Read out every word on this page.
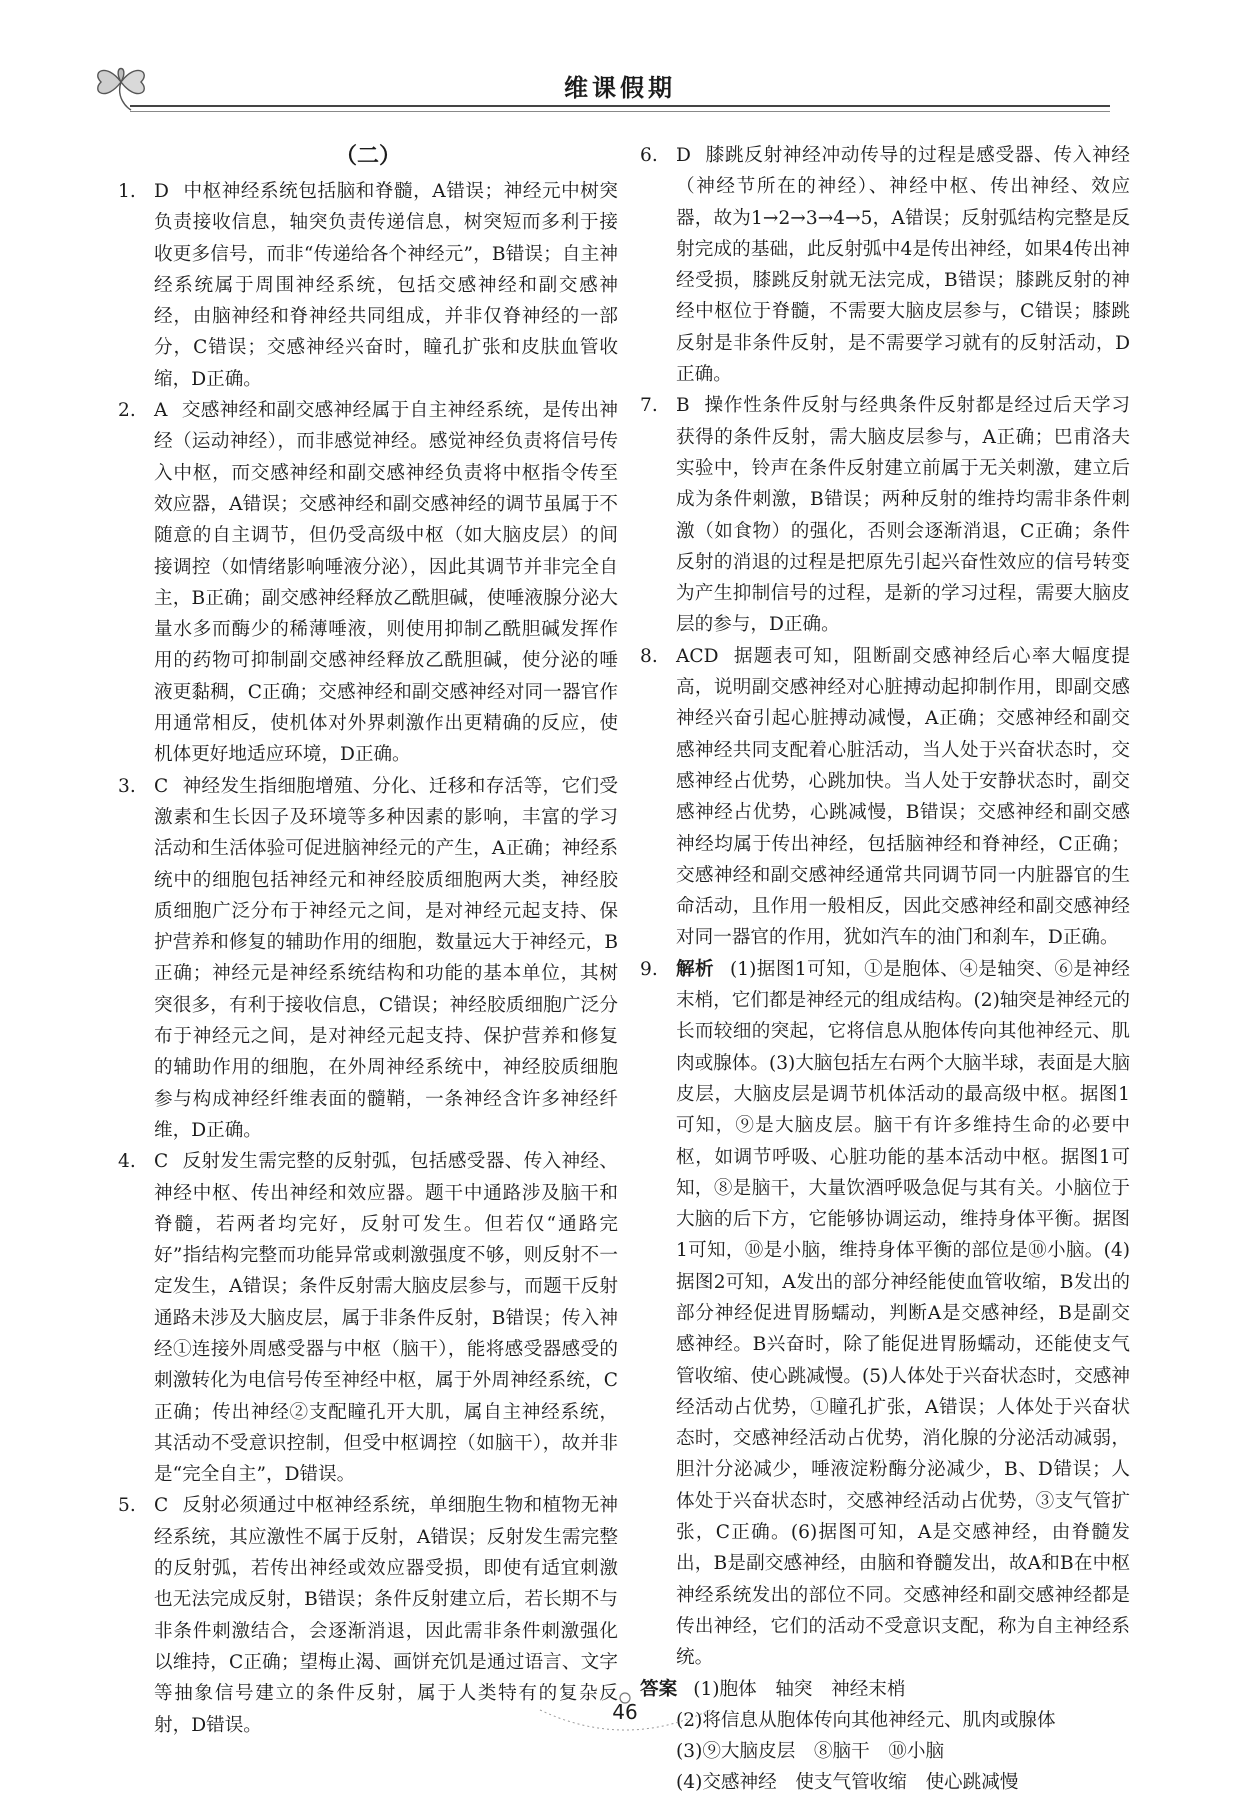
维课假期
（二）
1. D 中枢神经系统包括脑和脊髓，A错误；神经元中树突负责接收信息，轴突负责传递信息，树突短而多利于接收更多信号，而非“传递给各个神经元”，B错误；自主神经系统属于周围神经系统，包括交感神经和副交感神经，由脑神经和脊神经共同组成，并非仅脊神经的一部分，C错误；交感神经兴奋时，瞳孔扩张和皮肤血管收缩，D正确。
2. A 交感神经和副交感神经属于自主神经系统，是传出神经（运动神经），而非感觉神经。感觉神经负责将信号传入中枢，而交感神经和副交感神经负责将中枢指令传至效应器，A错误；交感神经和副交感神经的调节虽属于不随意的自主调节，但仍受高级中枢（如大脑皮层）的间接调控（如情绪影响唾液分泌），因此其调节并非完全自主，B正确；副交感神经释放乙酰胆碱，使唾液腺分泌大量水多而酶少的稀薄唾液，则使用抑制乙酰胆碱发挥作用的药物可抑制副交感神经释放乙酰胆碱，使分泌的唾液更黏稠，C正确；交感神经和副交感神经对同一器官作用通常相反，使机体对外界刺激作出更精确的反应，使机体更好地适应环境，D正确。
3. C 神经发生指细胞增殖、分化、迁移和存活等，它们受激素和生长因子及环境等多种因素的影响，丰富的学习活动和生活体验可促进脑神经元的产生，A正确；神经系统中的细胞包括神经元和神经胶质细胞两大类，神经胶质细胞广泛分布于神经元之间，是对神经元起支持、保护营养和修复的辅助作用的细胞，数量远大于神经元，B正确；神经元是神经系统结构和功能的基本单位，其树突很多，有利于接收信息，C错误；神经胶质细胞广泛分布于神经元之间，是对神经元起支持、保护营养和修复的辅助作用的细胞，在外周神经系统中，神经胶质细胞参与构成神经纤维表面的髓鞘，一条神经含许多神经纤维，D正确。
4. C 反射发生需完整的反射弧，包括感受器、传入神经、神经中枢、传出神经和效应器。题干中通路涉及脑干和脊髓，若两者均完好，反射可发生。但若仅“通路完好”指结构完整而功能异常或刺激强度不够，则反射不一定发生，A错误；条件反射需大脑皮层参与，而题干反射通路未涉及大脑皮层，属于非条件反射，B错误；传入神经①连接外周感受器与中枢（脑干），能将感受器感受的刺激转化为电信号传至神经中枢，属于外周神经系统，C正确；传出神经②支配瞳孔开大肌，属自主神经系统，其活动不受意识控制，但受中枢调控（如脑干），故并非是“完全自主”，D错误。
5. C 反射必须通过中枢神经系统，单细胞生物和植物无神经系统，其应激性不属于反射，A错误；反射发生需完整的反射弧，若传出神经或效应器受损，即使有适宜刺激也无法完成反射，B错误；条件反射建立后，若长期不与非条件刺激结合，会逐渐消退，因此需非条件刺激强化以维持，C正确；望梅止渴、画饼充饥是通过语言、文字等抽象信号建立的条件反射，属于人类特有的复杂反射，D错误。
6. D 膝跳反射神经冲动传导的过程是感受器、传入神经（神经节所在的神经）、神经中枢、传出神经、效应器，故为1→2→3→4→5，A错误；反射弧结构完整是反射完成的基础，此反射弧中4是传出神经，如果4传出神经受损，膝跳反射就无法完成，B错误；膝跳反射的神经中枢位于脊髓，不需要大脑皮层参与，C错误；膝跳反射是非条件反射，是不需要学习就有的反射活动，D正确。
7. B 操作性条件反射与经典条件反射都是经过后天学习获得的条件反射，需大脑皮层参与，A正确；巴甫洛夫实验中，铃声在条件反射建立前属于无关刺激，建立后成为条件刺激，B错误；两种反射的维持均需非条件刺激（如食物）的强化，否则会逐渐消退，C正确；条件反射的消退的过程是把原先引起兴奋性效应的信号转变为产生抑制信号的过程，是新的学习过程，需要大脑皮层的参与，D正确。
8. ACD 据题表可知，阻断副交感神经后心率大幅度提高，说明副交感神经对心脏搏动起抑制作用，即副交感神经兴奋引起心脏搏动减慢，A正确；交感神经和副交感神经共同支配着心脏活动，当人处于兴奋状态时，交感神经占优势，心跳加快。当人处于安静状态时，副交感神经占优势，心跳减慢，B错误；交感神经和副交感神经均属于传出神经，包括脑神经和脊神经，C正确；交感神经和副交感神经通常共同调节同一内脏器官的生命活动，且作用一般相反，因此交感神经和副交感神经对同一器官的作用，犹如汽车的油门和刹车，D正确。
9. 解析 (1)据图1可知，①是胞体、④是轴突、⑥是神经末梢，它们都是神经元的组成结构。(2)轴突是神经元的长而较细的突起，它将信息从胞体传向其他神经元、肌肉或腺体。(3)大脑包括左右两个大脑半球，表面是大脑皮层，大脑皮层是调节机体活动的最高级中枢。据图1可知，⑨是大脑皮层。脑干有许多维持生命的必要中枢，如调节呼吸、心脏功能的基本活动中枢。据图1可知，⑧是脑干，大量饮酒呼吸急促与其有关。小脑位于大脑的后下方，它能够协调运动，维持身体平衡。据图1可知，⑩是小脑，维持身体平衡的部位是⑩小脑。(4)据图2可知，A发出的部分神经能使血管收缩，B发出的部分神经促进胃肠蠕动，判断A是交感神经，B是副交感神经。B兴奋时，除了能促进胃肠蠕动，还能使支气管收缩、使心跳减慢。(5)人体处于兴奋状态时，交感神经活动占优势，①瞳孔扩张，A错误；人体处于兴奋状态时，交感神经活动占优势，消化腺的分泌活动减弱，胆汁分泌减少，唾液淀粉酶分泌减少，B、D错误；人体处于兴奋状态时，交感神经活动占优势，③支气管扩张，C正确。(6)据图可知，A是交感神经，由脊髓发出，B是副交感神经，由脑和脊髓发出，故A和B在中枢神经系统发出的部位不同。交感神经和副交感神经都是传出神经，它们的活动不受意识支配，称为自主神经系统。
答案 (1)胞体　轴突　神经末梢
(2)将信息从胞体传向其他神经元、肌肉或腺体
(3)⑨大脑皮层　⑧脑干　⑩小脑
(4)交感神经　使支气管收缩　使心跳减慢
46
